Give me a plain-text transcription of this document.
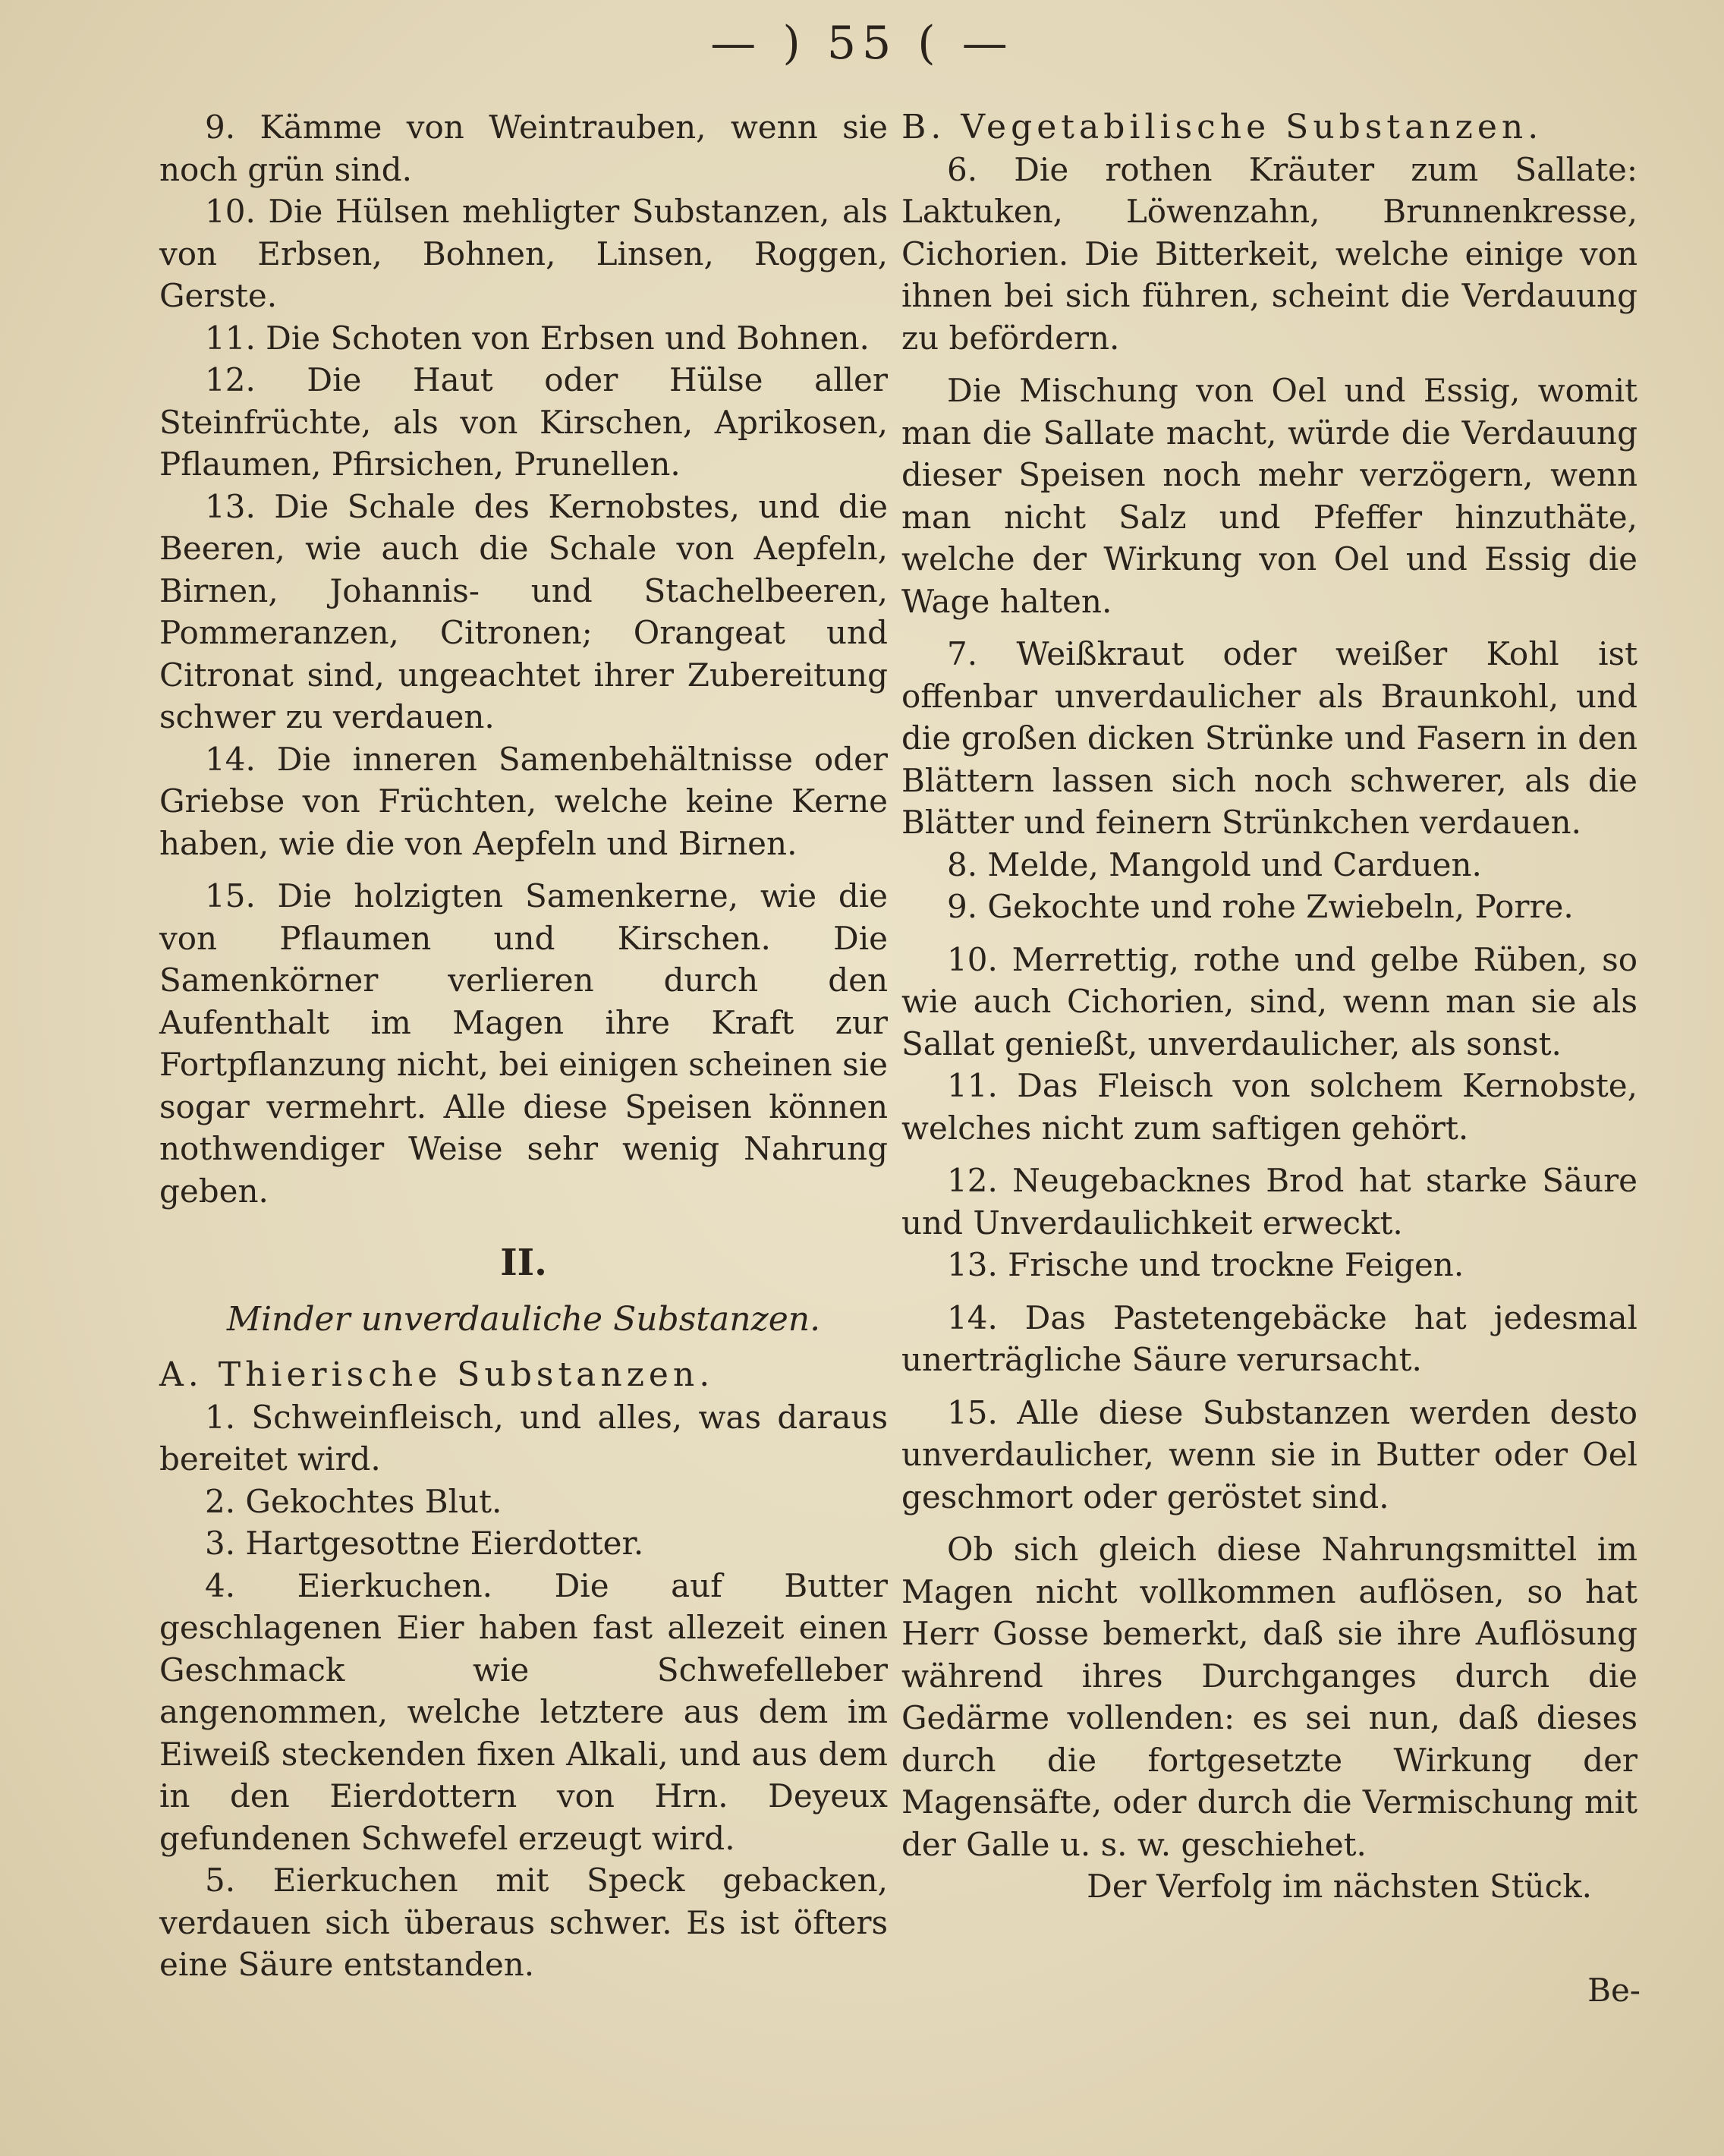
— ) 55 ( —

9. Kämme von Weintrauben, wenn sie noch grün sind.

10. Die Hülsen mehligter Substanzen, als von Erbsen, Bohnen, Linsen, Roggen, Gerste.

11. Die Schoten von Erbsen und Bohnen.

12. Die Haut oder Hülse aller Steinfrüchte, als von Kirschen, Aprikosen, Pflaumen, Pfirsichen, Prunellen.

13. Die Schale des Kernobstes, und die Beeren, wie auch die Schale von Aepfeln, Birnen, Johannis- und Stachelbeeren, Pommeranzen, Citronen; Orangeat und Citronat sind, ungeachtet ihrer Zubereitung schwer zu verdauen.

14. Die inneren Samenbehältnisse oder Griebse von Früchten, welche keine Kerne haben, wie die von Aepfeln und Birnen.

15. Die holzigten Samenkerne, wie die von Pflaumen und Kirschen. Die Samenkörner verlieren durch den Aufenthalt im Magen ihre Kraft zur Fortpflanzung nicht, bei einigen scheinen sie sogar vermehrt. Alle diese Speisen können nothwendiger Weise sehr wenig Nahrung geben.

II.
Minder unverdauliche Substanzen.

A. Thierische Substanzen.

1. Schweinfleisch, und alles, was daraus bereitet wird.

2. Gekochtes Blut.

3. Hartgesottne Eierdotter.

4. Eierkuchen. Die auf Butter geschlagenen Eier haben fast allezeit einen Geschmack wie Schwefelleber angenommen, welche letztere aus dem im Eiweiß steckenden fixen Alkali, und aus dem in den Eierdottern von Hrn. Deyeux gefundenen Schwefel erzeugt wird.

5. Eierkuchen mit Speck gebacken, verdauen sich überaus schwer. Es ist öfters eine Säure entstanden.

B. Vegetabilische Substanzen.

6. Die rothen Kräuter zum Sallate: Laktuken, Löwenzahn, Brunnenkresse, Cichorien. Die Bitterkeit, welche einige von ihnen bei sich führen, scheint die Verdauung zu befördern.

Die Mischung von Oel und Essig, womit man die Sallate macht, würde die Verdauung dieser Speisen noch mehr verzögern, wenn man nicht Salz und Pfeffer hinzuthäte, welche der Wirkung von Oel und Essig die Wage halten.

7. Weißkraut oder weißer Kohl ist offenbar unverdaulicher als Braunkohl, und die großen dicken Strünke und Fasern in den Blättern lassen sich noch schwerer, als die Blätter und feinern Strünkchen verdauen.

8. Melde, Mangold und Carduen.

9. Gekochte und rohe Zwiebeln, Porre.

10. Merrettig, rothe und gelbe Rüben, so wie auch Cichorien, sind, wenn man sie als Sallat genießt, unverdaulicher, als sonst.

11. Das Fleisch von solchem Kernobste, welches nicht zum saftigen gehört.

12. Neugebacknes Brod hat starke Säure und Unverdaulichkeit erweckt.

13. Frische und trockne Feigen.

14. Das Pastetengebäcke hat jedesmal unerträgliche Säure verursacht.

15. Alle diese Substanzen werden desto unverdaulicher, wenn sie in Butter oder Oel geschmort oder geröstet sind.

Ob sich gleich diese Nahrungsmittel im Magen nicht vollkommen auflösen, so hat Herr Gosse bemerkt, daß sie ihre Auflösung während ihres Durchganges durch die Gedärme vollenden: es sei nun, daß dieses durch die fortgesetzte Wirkung der Magensäfte, oder durch die Vermischung mit der Galle u. s. w. geschiehet.

Der Verfolg im nächsten Stück.

Be-
